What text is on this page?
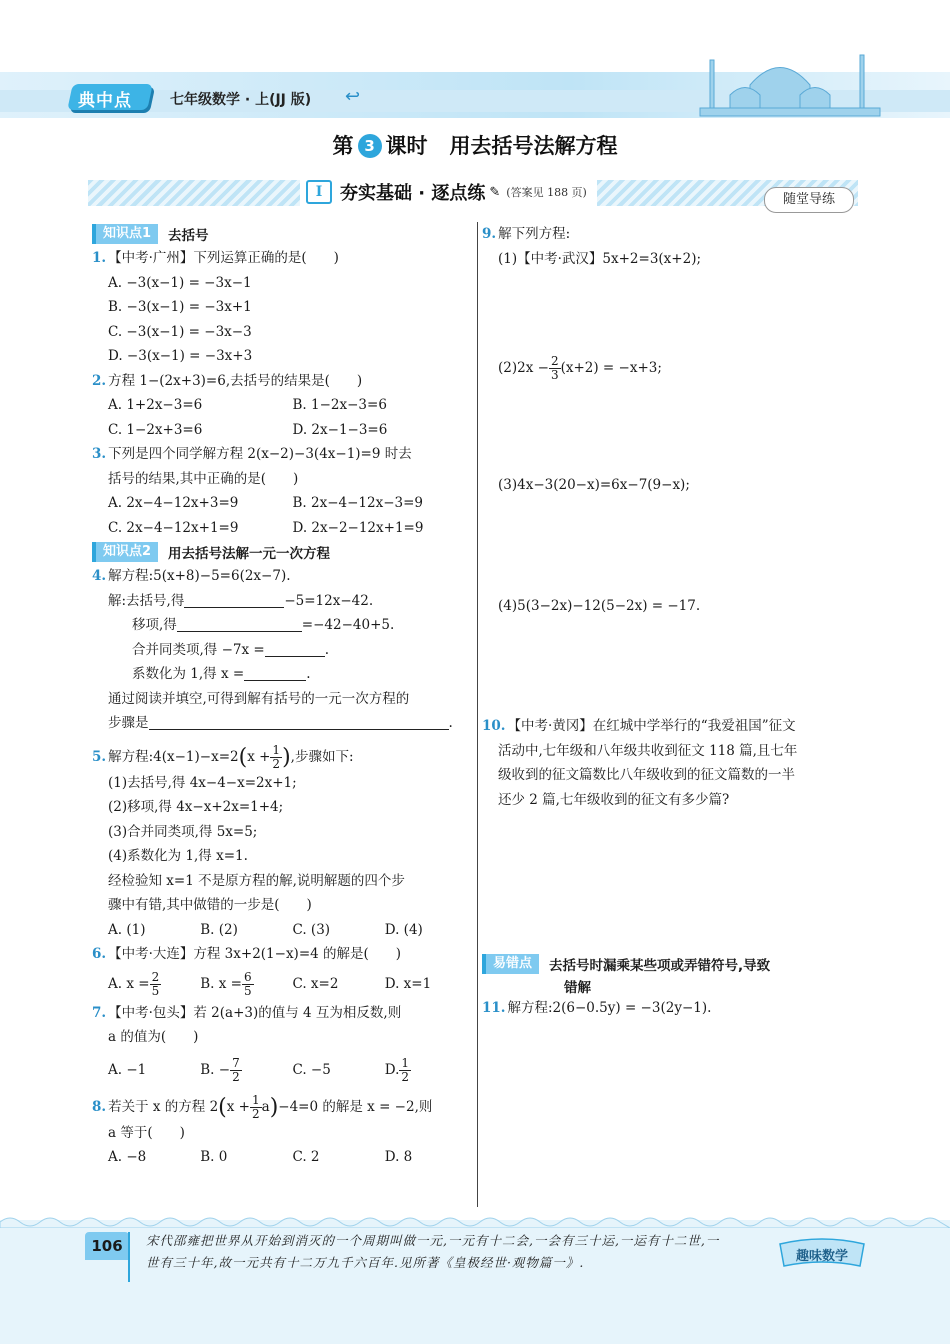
典中点	七年级数学 · 上(JJ 版) ↩
第 3 课时 用去括号法解方程
Ⅰ 夯实基础 · 逐点练 ✎ (答案见 188 页)	随堂导练
知识点1	去括号
1. 【中考·广州】下列运算正确的是(　　)
A. −3(x−1) = −3x−1
B. −3(x−1) = −3x+1
C. −3(x−1) = −3x−3
D. −3(x−1) = −3x+3
2. 方程 1−(2x+3)=6,去括号的结果是(　　)
A. 1+2x−3=6	B. 1−2x−3=6
C. 1−2x+3=6	D. 2x−1−3=6
3. 下列是四个同学解方程 2(x−2)−3(4x−1)=9 时去
括号的结果,其中正确的是(　　)
A. 2x−4−12x+3=9	B. 2x−4−12x−3=9
C. 2x−4−12x+1=9	D. 2x−2−12x+1=9
知识点2	用去括号法解一元一次方程
4. 解方程:5(x+8)−5=6(2x−7).
解:去括号,得	−5=12x−42.
移项,得	=−42−40+5.
合并同类项,得 −7x =	.
系数化为 1,得 x =	.
通过阅读并填空,可得到解有括号的一元一次方程的
步骤是	.
5. 解方程:4(x−1)−x=2(x + $\frac{1}{2}$ ),步骤如下:
(1)去括号,得 4x−4−x=2x+1;
(2)移项,得 4x−x+2x=1+4;
(3)合并同类项,得 5x=5;
(4)系数化为 1,得 x=1.
经检验知 x=1 不是原方程的解,说明解题的四个步
骤中有错,其中做错的一步是(　　)
A. (1)	B. (2)	C. (3)	D. (4)
6. 【中考·大连】方程 3x+2(1−x)=4 的解是(　　)
A. $x = \frac{2}{5}$	B. $x = \frac{6}{5}$	C. x=2	D. x=1
7. 【中考·包头】若 2(a+3)的值与 4 互为相反数,则
a 的值为(　　)
A. −1	B. − $\frac{7}{2}$	C. −5	D. $\frac{1}{2}$
8. 若关于 x 的方程 $2(x + \frac{1}{2} a)-4=0$ 的解是 x = −2,则
a 等于(　　)
A. −8	B. 0	C. 2	D. 8
9. 解下列方程:
(1)【中考·武汉】5x+2=3(x+2);
$(2)2x - \frac{2}{3} (x+2) = -x+3$;
(3)4x−3(20−x)=6x−7(9−x);
(4)5(3−2x)−12(5−2x) = −17.
10. 【中考·黄冈】在红城中学举行的“我爱祖国”征文
活动中,七年级和八年级共收到征文 118 篇,且七年
级收到的征文篇数比八年级收到的征文篇数的一半
还少 2 篇,七年级收到的征文有多少篇?
易错点	去括号时漏乘某些项或弄错符号,导致
错解
11. 解方程:2(6−0.5y) = −3(2y−1).
106	宋代邵雍把世界从开始到消灭的一个周期叫做一元,一元有十二会,一会有三十运,一运有十二世,一
世有三十年,故一元共有十二万九千六百年.见所著《皇极经世·观物篇一》.	趣味数学
